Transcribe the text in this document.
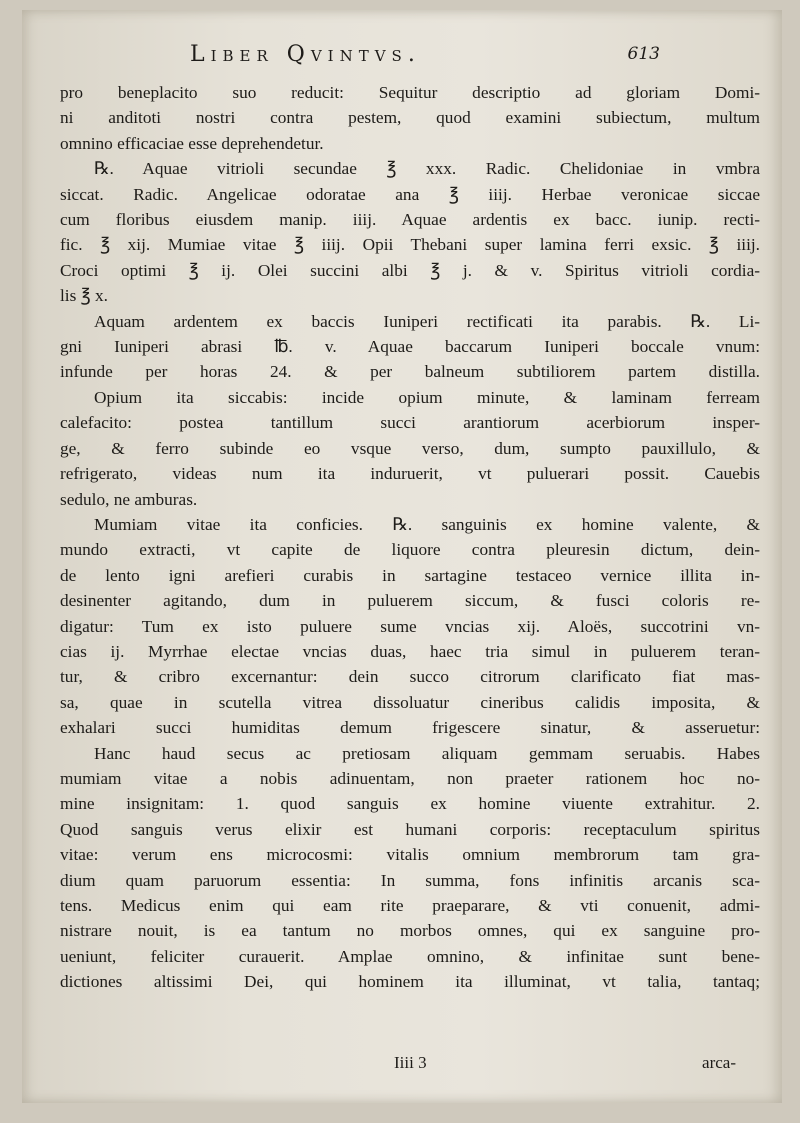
Liber Qvintvs.	613
pro beneplacito suo reducit: Sequitur descriptio ad gloriam Domi-
ni anditoti nostri contra pestem, quod examini subiectum, multum
omnino efficaciae esse deprehendetur.
℞. Aquae vitrioli secundae ℥ xxx. Radic. Chelidoniae in vmbra
siccat. Radic. Angelicae odoratae ana ℥ iiij. Herbae veronicae siccae
cum floribus eiusdem manip. iiij. Aquae ardentis ex bacc. iunip. recti-
fic. ℥ xij. Mumiae vitae ℥ iiij. Opii Thebani super lamina ferri exsic. ℥ iiij.
Croci optimi ℥ ij. Olei succini albi ℥ j. & v. Spiritus vitrioli cordia-
lis ℥ x.
Aquam ardentem ex baccis Iuniperi rectificati ita parabis. ℞. Li-
gni Iuniperi abrasi ℔. v. Aquae baccarum Iuniperi boccale vnum:
infunde per horas 24. & per balneum subtiliorem partem distilla.
Opium ita siccabis: incide opium minute, & laminam ferream
calefacito: postea tantillum succi arantiorum acerbiorum insper-
ge, & ferro subinde eo vsque verso, dum, sumpto pauxillulo, &
refrigerato, videas num ita induruerit, vt puluerari possit. Cauebis
sedulo, ne amburas.
Mumiam vitae ita conficies. ℞. sanguinis ex homine valente, &
mundo extracti, vt capite de liquore contra pleuresin dictum, dein-
de lento igni arefieri curabis in sartagine testaceo vernice illita in-
desinenter agitando, dum in puluerem siccum, & fusci coloris re-
digatur: Tum ex isto puluere sume vncias xij. Aloës, succotrini vn-
cias ij. Myrrhae electae vncias duas, haec tria simul in puluerem teran-
tur, & cribro excernantur: dein succo citrorum clarificato fiat mas-
sa, quae in scutella vitrea dissoluatur cineribus calidis impositа, &
exhalari succi humiditas demum frigescere sinatur, & asseruetur:
Hanc haud secus ac pretiosam aliquam gemmam seruabis. Habes
mumiam vitae a nobis adinuentam, non praeter rationem hoc no-
mine insignitam: 1. quod sanguis ex homine viuente extrahitur. 2.
Quod sanguis verus elixir est humani corporis: receptaculum spiritus
vitae: verum ens microcosmi: vitalis omnium membrorum tam gra-
dium quam paruorum essentia: In summa, fons infinitis arcanis sca-
tens. Medicus enim qui eam rite praeparare, & vti conuenit, admi-
nistrare nouit, is ea tantum no morbos omnes, qui ex sanguine pro-
ueniunt, feliciter curauerit. Amplae omnino, & infinitae sunt bene-
dictiones altissimi Dei, qui hominem ita illuminat, vt talia, tantaq;
Iiii 3	arca-
